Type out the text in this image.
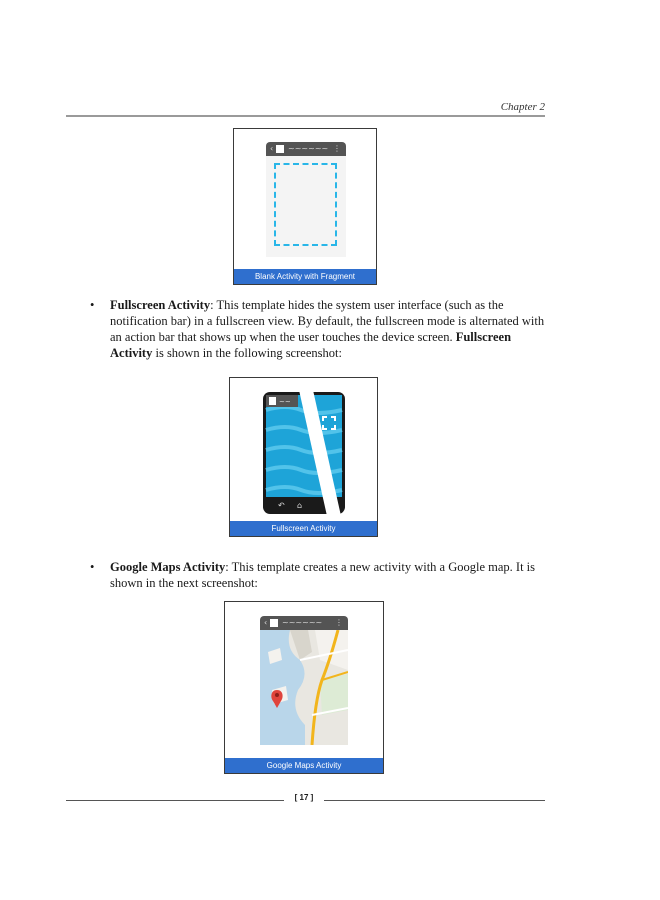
Chapter 2
‹ ~~~~~~ ⋮
Blank Activity with Fragment
• Fullscreen Activity: This template hides the system user interface (such as the notification bar) in a fullscreen view. By default, the fullscreen mode is alternated with an action bar that shows up when the user touches the device screen. Fullscreen Activity is shown in the following screenshot:
~~
↶ ⌂
Fullscreen Activity
• Google Maps Activity: This template creates a new activity with a Google map. It is shown in the next screenshot:
‹ ~~~~~~ ⋮
Google Maps Activity
[ 17 ]
